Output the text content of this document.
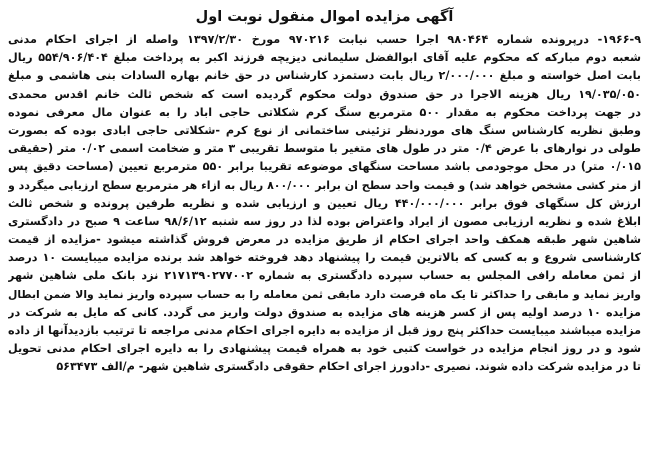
آگهی مزایده اموال منقول نوبت اول
۱۹۶۶-۹- درپرونده شماره ۹۸۰۴۶۴ اجرا حسب نیابت ۹۷۰۲۱۶ مورخ ۱۳۹۷/۲/۳۰ واصله از اجرای احکام مدنی
شعبه دوم مبارکه که محکوم علیه آقای ابوالفضل سلیمانی دیزیچه فرزند اکبر به پرداخت مبلغ ۵۵۴/۹۰۶/۴۰۴ ریال
بابت اصل خواسته و مبلغ ۲/۰۰۰/۰۰۰ ریال بابت دستمزد کارشناس در حق خانم بهاره السادات بنی هاشمی و مبلغ
۱۹/۰۳۵/۰۵۰ ریال هزینه الاجرا در حق صندوق دولت محکوم گردیده است که شخص ثالث خانم اقدس محمدی
در جهت پرداخت محکوم به مقدار ۵۰۰ مترمربع سنگ کرم شکلاتی حاجی اباد را به عنوان مال معرفی نموده
وطبق نظریه کارشناس سنگ های موردنظر تزئینی ساختمانی از نوع کرم -شکلاتی حاجی ابادی بوده که بصورت
طولی در نوارهای با عرض ۰/۴ متر در طول های متغیر با متوسط تقریبی ۳ متر و ضخامت اسمی ۰/۰۲ متر (حقیقی
۰/۰۱۵ متر) در محل موجودمی باشد مساحت سنگهای موضوعه تقریبا برابر ۵۵۰ مترمربع تعیین (مساحت دقیق پس
از متر کشی مشخص خواهد شد) و قیمت واحد سطح ان برابر ۸۰۰/۰۰۰ ریال به ازاء هر مترمربع سطح ارزیابی میگردد و
ارزش کل سنگهای فوق برابر ۴۴۰/۰۰۰/۰۰۰ ریال تعیین و ارزیابی شده و نظریه طرفین پرونده و شخص ثالث
ابلاغ شده و نظریه ارزیابی مصون از ایراد واعتراض بوده لذا در روز سه شنبه ۹۸/۶/۱۲ ساعت ۹ صبح در دادگستری
شاهین شهر طبقه همکف واحد اجرای احکام از طریق مزایده در معرض فروش گذاشته میشود -مزایده از قیمت
کارشناسی شروع و به کسی که بالاترین قیمت را پیشنهاد دهد فروخته خواهد شد برنده مزایده میبایست ۱۰ درصد
از ثمن معامله رافی المجلس به حساب سپرده دادگستری به شماره ۲۱۷۱۳۹۰۲۷۷۰۰۲ نزد بانک ملی شاهین شهر
واریز نماید و مابقی را حداکثر تا یک ماه فرصت دارد مابقی ثمن معامله را به حساب سپرده واریز نماید والا ضمن ابطال
مزایده ۱۰ درصد اولیه پس از کسر هزینه های مزایده به صندوق دولت واریز می گردد. کانی که مایل به شرکت در
مزایده میباشند میبایست حداکثر پنج روز قبل از مزایده به دایره اجرای احکام مدنی مراجعه تا ترتیب بازدیدآنها از داده
شود و در روز انجام مزایده در خواست کتبی خود به همراه قیمت پیشنهادی را به دایره اجرای احکام مدنی تحویل
تا در مزایده شرکت داده شوند. نصیری -دادورز اجرای احکام حقوقی دادگستری شاهین شهر- م/الف ۵۶۳۴۷۳
